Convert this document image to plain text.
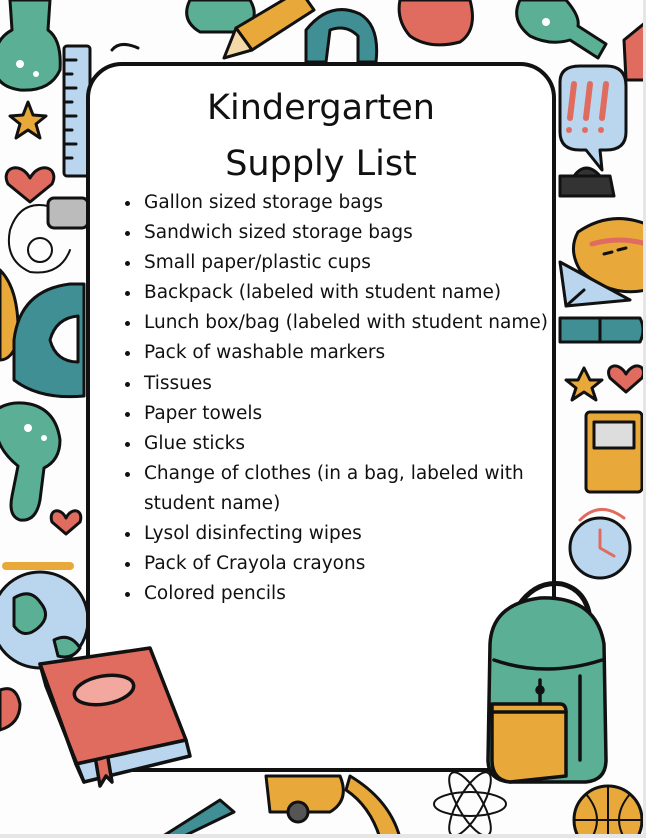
Kindergarten
Supply List
• Gallon sized storage bags
• Sandwich sized storage bags
• Small paper/plastic cups
• Backpack (labeled with student name)
• Lunch box/bag (labeled with student name)
• Pack of washable markers
• Tissues
• Paper towels
• Glue sticks
• Change of clothes (in a bag, labeled with student name)
• Lysol disinfecting wipes
• Pack of Crayola crayons
• Colored pencils
